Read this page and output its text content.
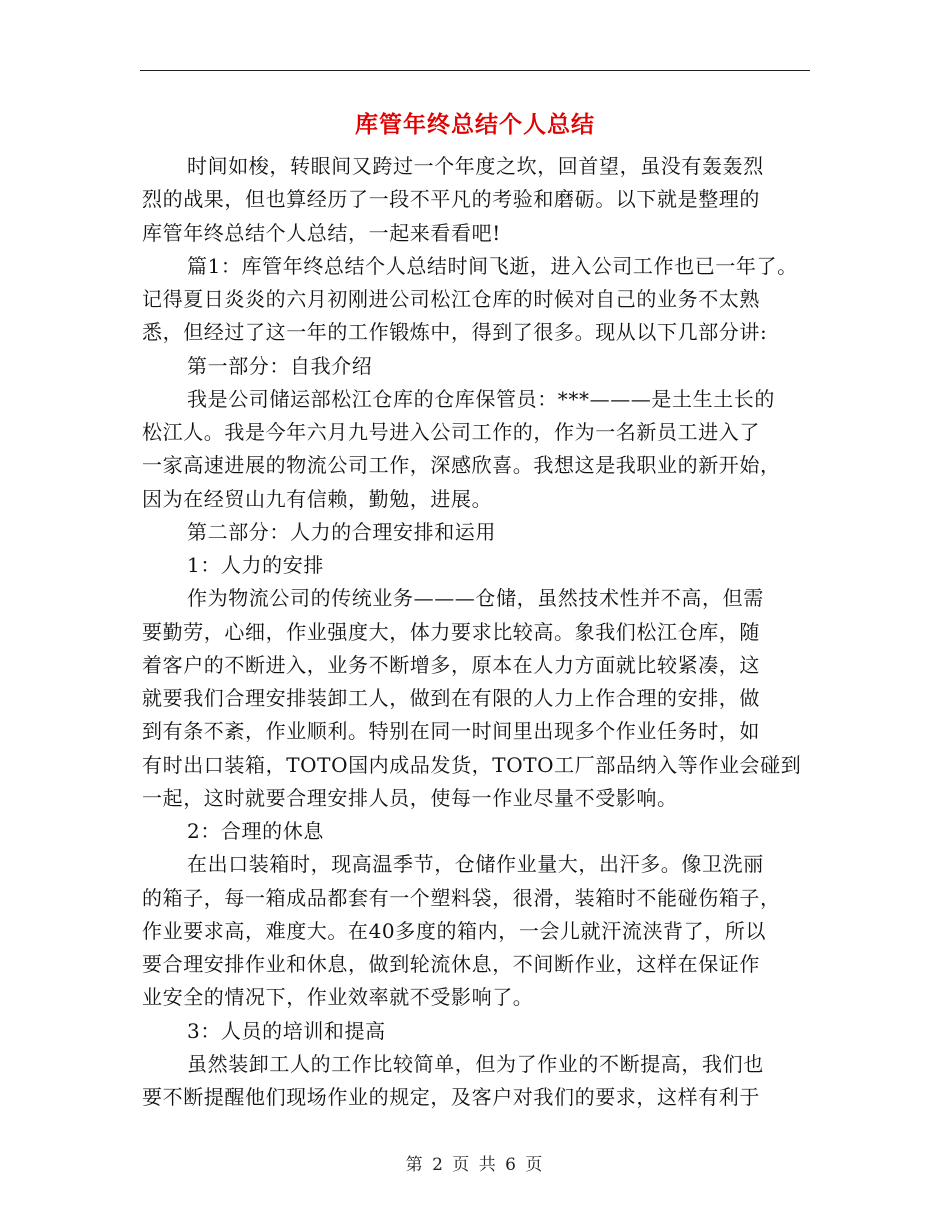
库管年终总结个人总结
时间如梭，转眼间又跨过一个年度之坎，回首望，虽没有轰轰烈
烈的战果，但也算经历了一段不平凡的考验和磨砺。以下就是整理的
库管年终总结个人总结，一起来看看吧!
篇1：库管年终总结个人总结时间飞逝，进入公司工作也已一年了。
记得夏日炎炎的六月初刚进公司松江仓库的时候对自己的业务不太熟
悉，但经过了这一年的工作锻炼中，得到了很多。现从以下几部分讲:
第一部分：自我介绍
我是公司储运部松江仓库的仓库保管员：***———是土生土长的
松江人。我是今年六月九号进入公司工作的，作为一名新员工进入了
一家高速进展的物流公司工作，深感欣喜。我想这是我职业的新开始，
因为在经贸山九有信赖，勤勉，进展。
第二部分：人力的合理安排和运用
1：人力的安排
作为物流公司的传统业务———仓储，虽然技术性并不高，但需
要勤劳，心细，作业强度大，体力要求比较高。象我们松江仓库，随
着客户的不断进入，业务不断增多，原本在人力方面就比较紧凑，这
就要我们合理安排装卸工人，做到在有限的人力上作合理的安排，做
到有条不紊，作业顺利。特别在同一时间里出现多个作业任务时，如
有时出口装箱，TOTO国内成品发货，TOTO工厂部品纳入等作业会碰到
一起，这时就要合理安排人员，使每一作业尽量不受影响。
2：合理的休息
在出口装箱时，现高温季节，仓储作业量大，出汗多。像卫洗丽
的箱子，每一箱成品都套有一个塑料袋，很滑，装箱时不能碰伤箱子，
作业要求高，难度大。在40多度的箱内，一会儿就汗流浃背了，所以
要合理安排作业和休息，做到轮流休息，不间断作业，这样在保证作
业安全的情况下，作业效率就不受影响了。
3：人员的培训和提高
虽然装卸工人的工作比较简单，但为了作业的不断提高，我们也
要不断提醒他们现场作业的规定，及客户对我们的要求，这样有利于
第 2 页 共 6 页
